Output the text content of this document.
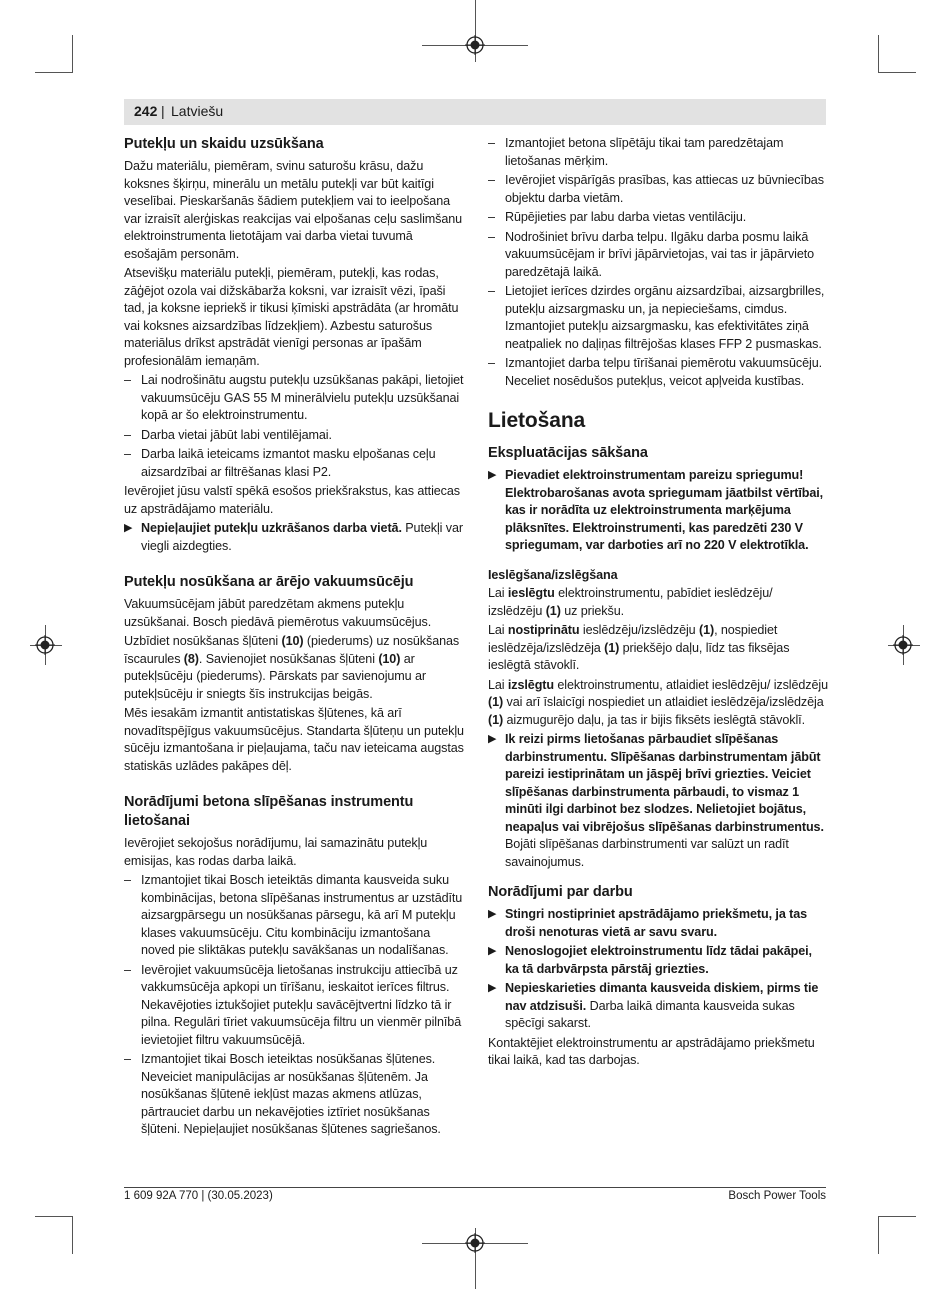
242 | Latviešu
Putekļu un skaidu uzsūkšana

Dažu materiālu, piemēram, svinu saturošu krāsu, dažu koksnes šķirņu, minerālu un metālu putekļi var būt kaitīgi veselībai. Pieskaršanās šādiem putekļiem vai to ieelpošana var izraisīt alerģiskas reakcijas vai elpošanas ceļu saslimšanu elektroinstrumenta lietotājam vai darba vietai tuvumā esošajām personām.

Atsevišķu materiālu putekļi, piemēram, putekļi, kas rodas, zāģējot ozola vai dižskābarža koksni, var izraisīt vēzi, īpaši tad, ja koksne iepriekš ir tikusi ķīmiski apstrādāta (ar hromātu vai koksnes aizsardzības līdzekļiem). Azbestu saturošus materiālus drīkst apstrādāt vienīgi personas ar īpašām profesionālām iemaņām.

– Lai nodrošinātu augstu putekļu uzsūkšanas pakāpi, lietojiet vakuumsūcēju GAS 55 M minerālvielu putekļu uzsūkšanai kopā ar šo elektroinstrumentu.
– Darba vietai jābūt labi ventilējamai.
– Darba laikā ieteicams izmantot masku elpošanas ceļu aizsardzībai ar filtrēšanas klasi P2.

Ievērojiet jūsu valstī spēkā esošos priekšrakstus, kas attiecas uz apstrādājamo materiālu.

▶ Nepieļaujiet putekļu uzkrāšanos darba vietā. Putekļi var viegli aizdegties.
Putekļu nosūkšana ar ārējo vakuumsūcēju

Vakuumsūcējam jābūt paredzētam akmens putekļu uzsūkšanai. Bosch piedāvā piemērotus vakuumsūcējus.

Uzbīdiet nosūkšanas šļūteni (10) (piederums) uz nosūkšanas īscaurules (8). Savienojiet nosūkšanas šļūteni (10) ar putekļsūcēju (piederums). Pārskats par savienojumu ar putekļsūcēju ir sniegts šīs instrukcijas beigās.

Mēs iesakām izmantit antistatiskas šļūtenes, kā arī novadītspējīgus vakuumsūcējus. Standarta šļūteņu un putekļu sūcēju izmantošana ir pieļaujama, taču nav ieteicama augstas statiskās uzlādes pakāpes dēļ.

Norādījumi betona slīpēšanas instrumentu lietošanai

Ievērojiet sekojošus norādījumu, lai samazinātu putekļu emisijas, kas rodas darba laikā.

– Izmantojiet tikai Bosch ieteiktās dimanta kausveida suku kombinācijas, betona slīpēšanas instrumentus ar uzstādītu aizsargpārsegu un nosūkšanas pārsegu, kā arī M putekļu klases vakuumsūcēju. Citu kombināciju izmantošana noved pie sliktākas putekļu savākšanas un nodalīšanas.
– Ievērojiet vakuumsūcēja lietošanas instrukciju attiecībā uz vakkumsūcēja apkopi un tīrīšanu, ieskaitot ierīces filtrus. Nekavējoties iztukšojiet putekļu savācējtvertni līdzko tā ir pilna. Regulāri tīriet vakuumsūcēja filtru un vienmēr pilnībā ievietojiet filtru vakuumsūcējā.
– Izmantojiet tikai Bosch ieteiktas nosūkšanas šļūtenes. Neveiciet manipulācijas ar nosūkšanas šļūtenēm. Ja nosūkšanas šļūtenē iekļūst mazas akmens atlūzas, pārtrauciet darbu un nekavējoties iztīriet nosūkšanas šļūteni. Nepieļaujiet nosūkšanas šļūtenes sagriešanos.
– Izmantojiet betona slīpētāju tikai tam paredzētajam lietošanas mērķim.
– Ievērojiet vispārīgās prasības, kas attiecas uz būvniecības objektu darba vietām.
– Rūpējieties par labu darba vietas ventilāciju.
– Nodrošiniet brīvu darba telpu. Ilgāku darba posmu laikā vakuumsūcējam ir brīvi jāpārvietojas, vai tas ir jāpārvieto paredzētajā laikā.
– Lietojiet ierīces dzirdes orgānu aizsardzībai, aizsargbrilles, putekļu aizsargmasku un, ja nepieciešams, cimdus. Izmantojiet putekļu aizsargmasku, kas efektivitātes ziņā neatpaliek no daļiņas filtrējošas klases FFP 2 pusmaskas.
– Izmantojiet darba telpu tīrīšanai piemērotu vakuumsūcēju. Neceliet nosēdušos putekļus, veicot apļveida kustības.
Lietošana
Ekspluatācijas sākšana
▶ Pievadiet elektroinstrumentam pareizu spriegumu! Elektrobarošanas avota spriegumam jāatbilst vērtībai, kas ir norādīta uz elektroinstrumenta marķējuma plāksnītes. Elektroinstrumenti, kas paredzēti 230 V spriegumam, var darboties arī no 220 V elektrotīkla.
Ieslēgšana/izslēgšana

Lai ieslēgtu elektroinstrumentu, pabīdiet ieslēdzēju/ izslēdzēju (1) uz priekšu.

Lai nostiprinātu ieslēdzēju/izslēdzēju (1), nospiediet ieslēdzēja/izslēdzēja (1) priekšējo daļu, līdz tas fiksējas ieslēgtā stāvoklī.

Lai izslēgtu elektroinstrumentu, atlaidiet ieslēdzēju/ izslēdzēju (1) vai arī īslaicīgi nospiediet un atlaidiet ieslēdzēja/izslēdzēja (1) aizmugurējo daļu, ja tas ir bijis fiksēts ieslēgtā stāvoklī.

▶ Ik reizi pirms lietošanas pārbaudiet slīpēšanas darbinstrumentu. Slīpēšanas darbinstrumentam jābūt pareizi iestiprinātam un jāspēj brīvi griezties. Veiciet slīpēšanas darbinstrumenta pārbaudi, to vismaz 1 minūti ilgi darbinot bez slodzes. Nelietojiet bojātus, neapaļus vai vibrējošus slīpēšanas darbinstrumentus. Bojāti slīpēšanas darbinstrumenti var salūzt un radīt savainojumus.
Norādījumi par darbu
▶ Stingri nostipriniet apstrādājamo priekšmetu, ja tas droši nenoturas vietā ar savu svaru.
▶ Nenoslogojiet elektroinstrumentu līdz tādai pakāpei, ka tā darbvārpsta pārstāj griezties.
▶ Nepieskarieties dimanta kausveida diskiem, pirms tie nav atdzisuši. Darba laikā dimanta kausveida sukas spēcīgi sakarst.

Kontaktējiet elektroinstrumentu ar apstrādājamo priekšmetu tikai laikā, kad tas darbojas.

1 609 92A 770 | (30.05.2023)	Bosch Power Tools
